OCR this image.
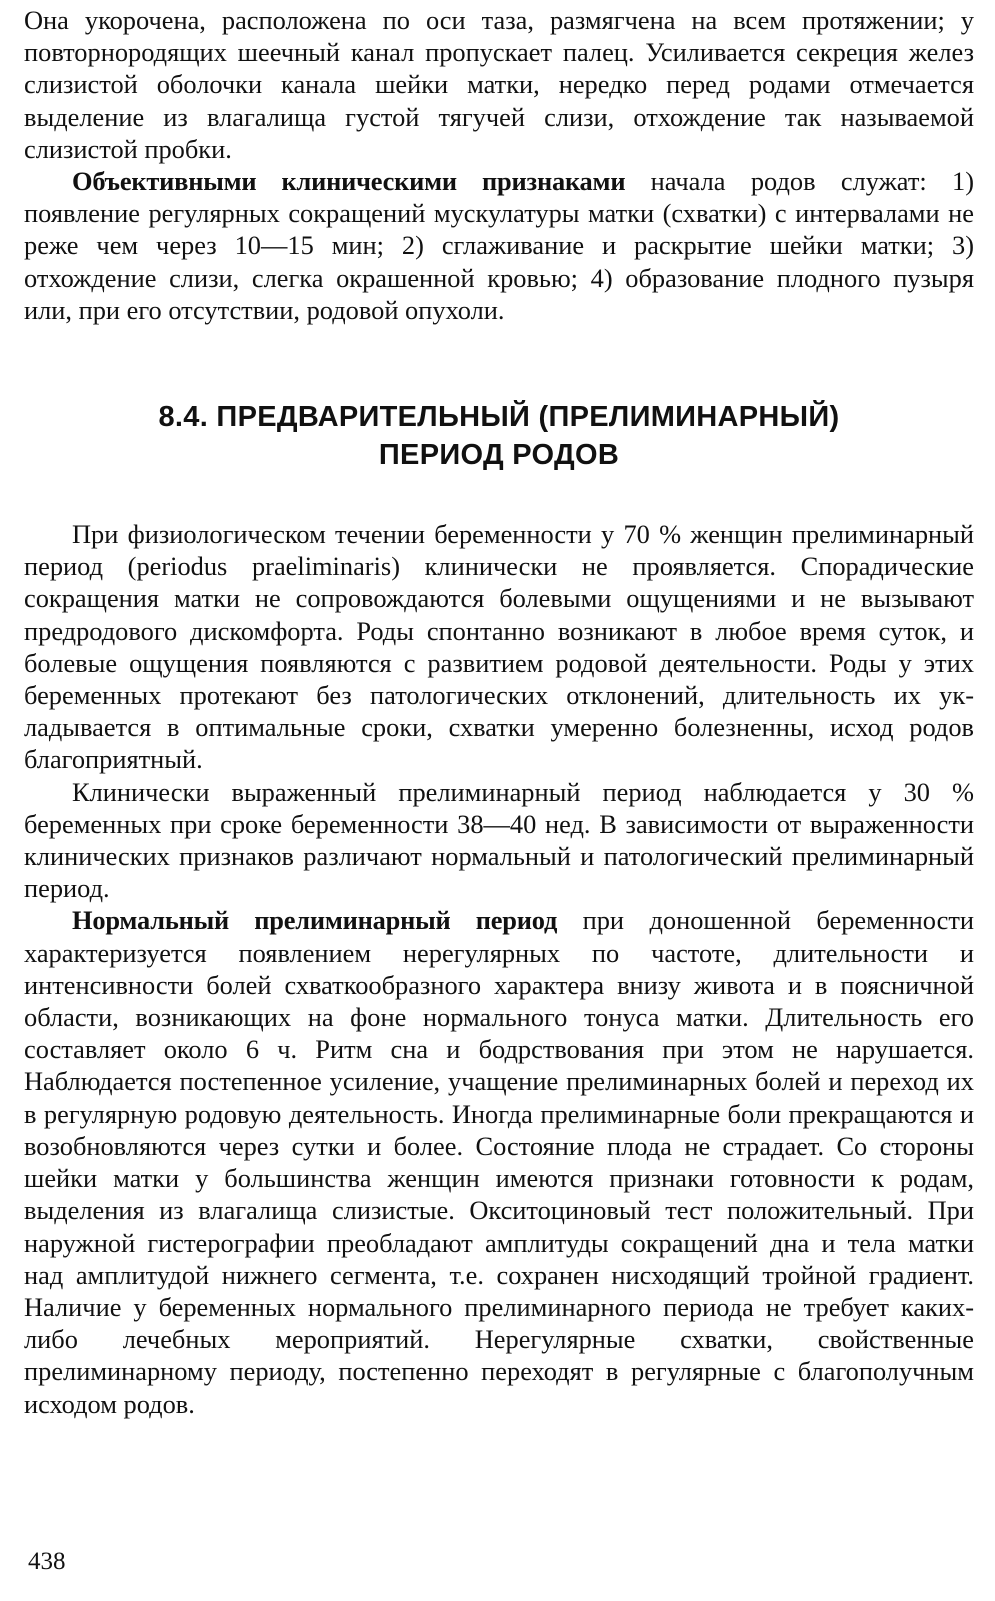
Она укорочена, расположена по оси таза, размягчена на всем протяжении; у повторнородящих шеечный канал пропускает палец. Усиливается секреция желез слизистой оболочки канала шейки матки, нередко перед родами отмечается выделение из влагалища густой тягучей слизи, отхождение так называемой слизистой пробки.

Объективными клиническими признаками начала родов служат: 1) появление регулярных сокращений мускулатуры матки (схватки) с интервалами не реже чем через 10—15 мин; 2) сглаживание и раскрытие шейки матки; 3) отхождение слизи, слегка окрашенной кровью; 4) образование плодного пузыря или, при его отсутствии, родовой опухоли.

8.4. ПРЕДВАРИТЕЛЬНЫЙ (ПРЕЛИМИНАРНЫЙ)
ПЕРИОД РОДОВ

При физиологическом течении беременности у 70 % женщин прелиминарный период (periodus praeliminaris) клинически не проявляется. Спорадические сокращения матки не сопровождаются болевыми ощущениями и не вызывают предродового дискомфорта. Роды спонтанно возникают в любое время суток, и болевые ощущения появляются с развитием родовой деятельности. Роды у этих беременных протекают без патологических отклонений, длительность их укладывается в оптимальные сроки, схватки умеренно болезненны, исход родов благоприятный.

Клинически выраженный прелиминарный период наблюдается у 30 % беременных при сроке беременности 38—40 нед. В зависимости от выраженности клинических признаков различают нормальный и патологический прелиминарный период.

Нормальный прелиминарный период при доношенной беременности характеризуется появлением нерегулярных по частоте, длительности и интенсивности болей схваткообразного характера внизу живота и в поясничной области, возникающих на фоне нормального тонуса матки. Длительность его составляет около 6 ч. Ритм сна и бодрствования при этом не нарушается. Наблюдается постепенное усиление, учащение прелиминарных болей и переход их в регулярную родовую деятельность. Иногда прелиминарные боли прекращаются и возобновляются через сутки и более. Состояние плода не страдает. Со стороны шейки матки у большинства женщин имеются признаки готовности к родам, выделения из влагалища слизистые. Окситоциновый тест положительный. При наружной гистерографии преобладают амплитуды сокращений дна и тела матки над амплитудой нижнего сегмента, т.е. сохранен нисходящий тройной градиент. Наличие у беременных нормального прелиминарного периода не требует каких-либо лечебных мероприятий. Нерегулярные схватки, свойственные прелиминарному периоду, постепенно переходят в регулярные с благополучным исходом родов.

438
